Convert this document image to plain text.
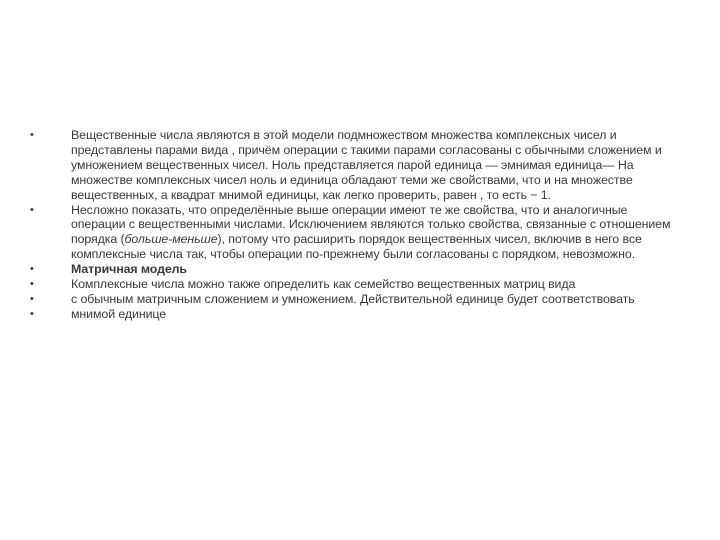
•	Вещественные числа являются в этой модели подмножеством множества комплексных чисел и представлены парами вида , причём операции с такими парами согласованы с обычными сложением и умножением вещественных чисел. Ноль представляется парой единица — эмнимая единица— На множестве комплексных чисел ноль и единица обладают теми же свойствами, что и на множестве вещественных, а квадрат мнимой единицы, как легко проверить, равен , то есть − 1.
•	Несложно показать, что определённые выше операции имеют те же свойства, что и аналогичные операции с вещественными числами. Исключением являются только свойства, связанные с отношением порядка (больше-меньше), потому что расширить порядок вещественных чисел, включив в него все комплексные числа так, чтобы операции по-прежнему были согласованы с порядком, невозможно.
•	Матричная модель
•	Комплексные числа можно также определить как семейство вещественных матриц вида
•	с обычным матричным сложением и умножением. Действительной единице будет соответствовать
•	мнимой единице
